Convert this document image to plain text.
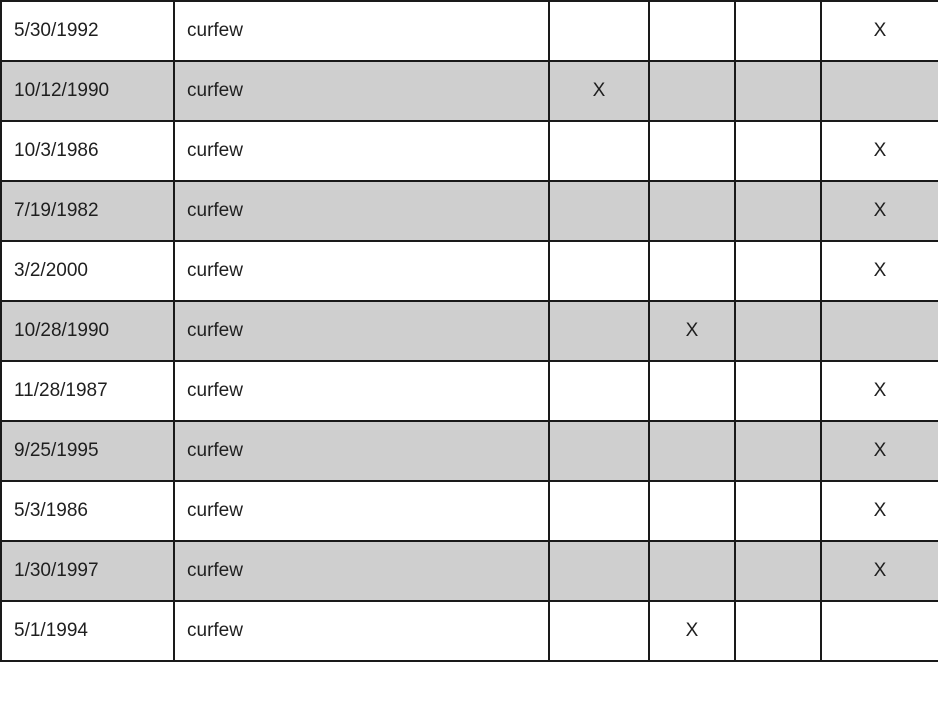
5/30/1992	curfew				X
10/12/1990	curfew	X			
10/3/1986	curfew				X
7/19/1982	curfew				X
3/2/2000	curfew				X
10/28/1990	curfew		X		
11/28/1987	curfew				X
9/25/1995	curfew				X
5/3/1986	curfew				X
1/30/1997	curfew				X
5/1/1994	curfew		X		
